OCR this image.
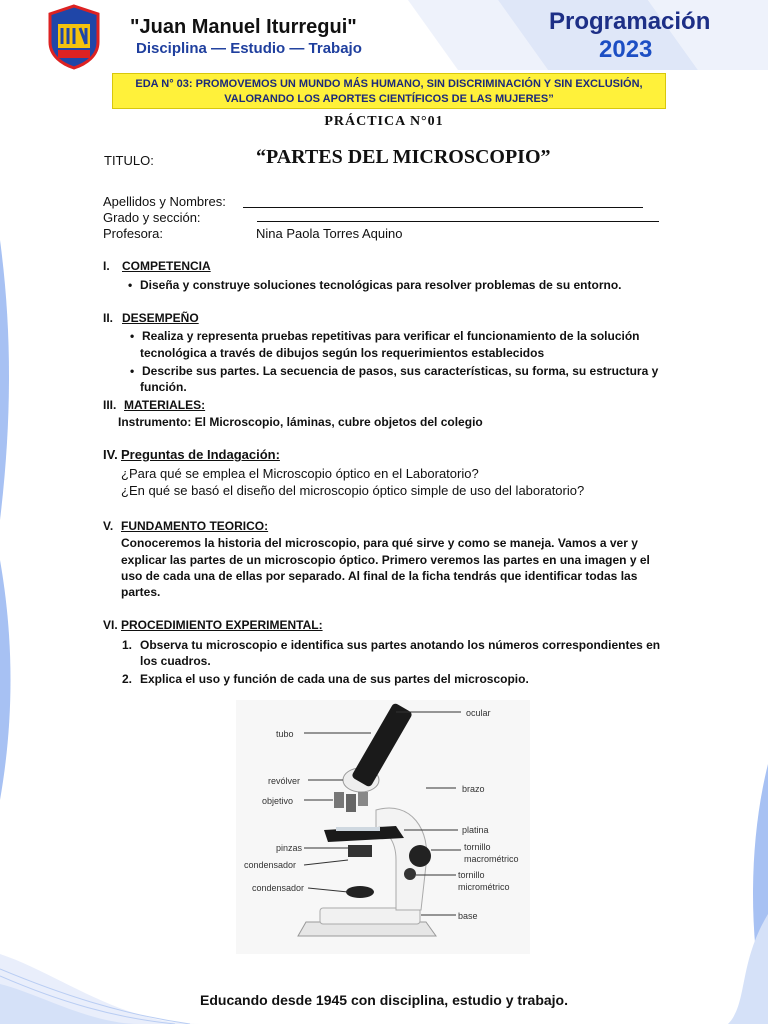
"Juan Manuel Iturregui"
Disciplina — Estudio — Trabajo
Programación
2023
EDA N° 03: PROMOVEMOS UN MUNDO MÁS HUMANO, SIN DISCRIMINACIÓN Y SIN EXCLUSIÓN,
VALORANDO LOS APORTES CIENTÍFICOS DE LAS MUJERES”
PRÁCTICA N°01
TITULO:	“PARTES DEL MICROSCOPIO”
Apellidos y Nombres:
Grado y sección:
Profesora:	Nina Paola Torres Aquino
I. COMPETENCIA
• Diseña y construye soluciones tecnológicas para resolver problemas de su entorno.
II. DESEMPEÑO
• Realiza y representa pruebas repetitivas para verificar el funcionamiento de la solución
tecnológica a través de dibujos según los requerimientos establecidos
• Describe sus partes. La secuencia de pasos, sus características, su forma, su estructura y
función.
III. MATERIALES:
Instrumento: El Microscopio, láminas, cubre objetos del colegio
IV. Preguntas de Indagación:
¿Para qué se emplea el Microscopio óptico en el Laboratorio?
¿En qué se basó el diseño del microscopio óptico simple de uso del laboratorio?
V. FUNDAMENTO TEORICO:
Conoceremos la historia del microscopio, para qué sirve y como se maneja. Vamos a ver y
explicar las partes de un microscopio óptico. Primero veremos las partes en una imagen y el
uso de cada una de ellas por separado. Al final de la ficha tendrás que identificar todas las
partes.
VI. PROCEDIMIENTO EXPERIMENTAL:
1. Observa tu microscopio e identifica sus partes anotando los números correspondientes en
los cuadros.
2. Explica el uso y función de cada una de sus partes del microscopio.
ocular
tubo
revólver
objetivo
brazo
platina
pinzas
condensador
tornillo
macrométrico
tornillo
micrométrico
condensador
base
Educando desde 1945 con disciplina, estudio y trabajo.
